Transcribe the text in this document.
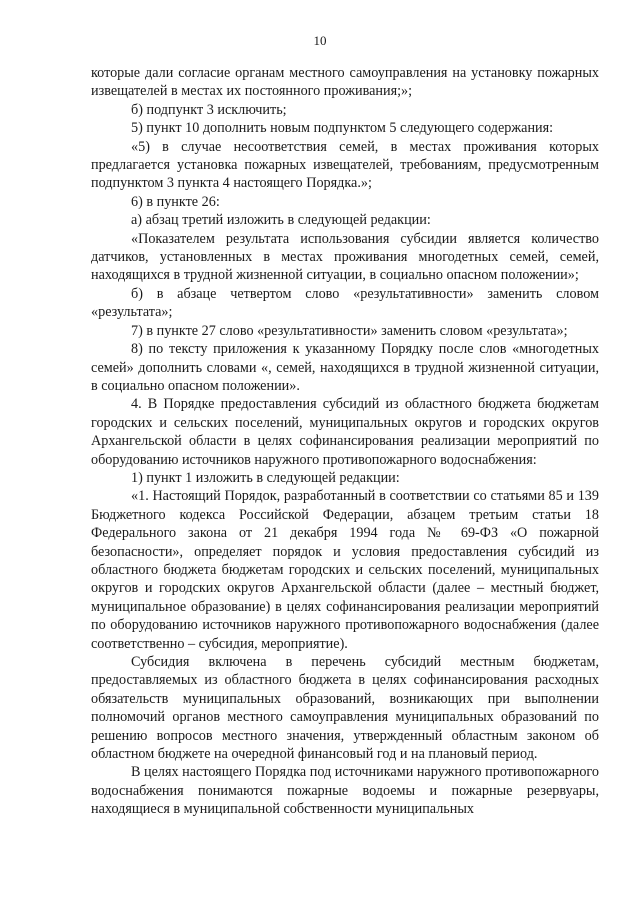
10

которые дали согласие органам местного самоуправления на установку пожарных извещателей в местах их постоянного проживания;»;

б) подпункт 3 исключить;

5) пункт 10 дополнить новым подпунктом 5 следующего содержания:

«5) в случае несоответствия семей, в местах проживания которых предлагается установка пожарных извещателей, требованиям, предусмотренным подпунктом 3 пункта 4 настоящего Порядка.»;

6) в пункте 26:

а) абзац третий изложить в следующей редакции:

«Показателем результата использования субсидии является количество датчиков, установленных в местах проживания многодетных семей, семей, находящихся в трудной жизненной ситуации, в социально опасном положении»;

б) в абзаце четвертом слово «результативности» заменить словом «результата»;

7) в пункте 27 слово «результативности» заменить словом «результата»;

8) по тексту приложения к указанному Порядку после слов «многодетных семей» дополнить словами «, семей, находящихся в трудной жизненной ситуации, в социально опасном положении».

4. В Порядке предоставления субсидий из областного бюджета бюджетам городских и сельских поселений, муниципальных округов и городских округов Архангельской области в целях софинансирования реализации мероприятий по оборудованию источников наружного противопожарного водоснабжения:

1) пункт 1 изложить в следующей редакции:

«1. Настоящий Порядок, разработанный в соответствии со статьями 85 и 139 Бюджетного кодекса Российской Федерации, абзацем третьим статьи 18 Федерального закона от 21 декабря 1994 года № 69-ФЗ «О пожарной безопасности», определяет порядок и условия предоставления субсидий из областного бюджета бюджетам городских и сельских поселений, муниципальных округов и городских округов Архангельской области (далее – местный бюджет, муниципальное образование) в целях софинансирования реализации мероприятий по оборудованию источников наружного противопожарного водоснабжения (далее соответственно – субсидия, мероприятие).

Субсидия включена в перечень субсидий местным бюджетам, предоставляемых из областного бюджета в целях софинансирования расходных обязательств муниципальных образований, возникающих при выполнении полномочий органов местного самоуправления муниципальных образований по решению вопросов местного значения, утвержденный областным законом об областном бюджете на очередной финансовый год и на плановый период.

В целях настоящего Порядка под источниками наружного противопожарного водоснабжения понимаются пожарные водоемы и пожарные резервуары, находящиеся в муниципальной собственности муниципальных
